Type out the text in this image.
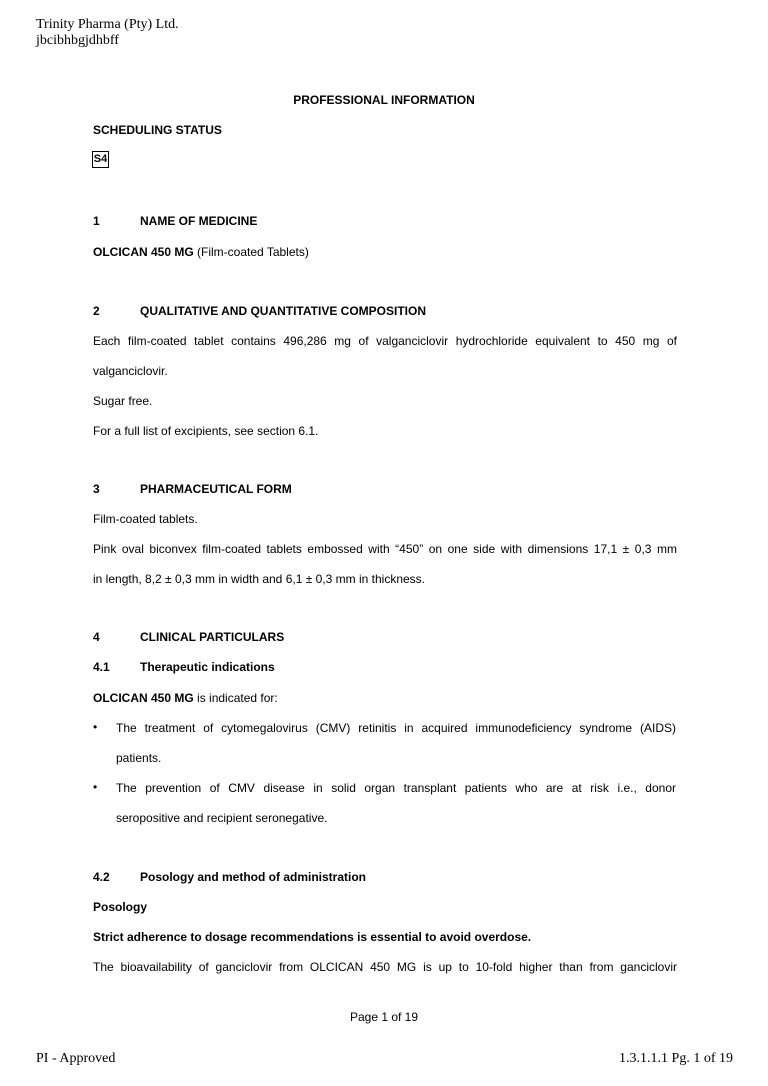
Trinity Pharma (Pty) Ltd.
jbcibhbgjdhbff
PROFESSIONAL INFORMATION
SCHEDULING STATUS
S4
1	NAME OF MEDICINE
OLCICAN 450 MG (Film-coated Tablets)
2	QUALITATIVE AND QUANTITATIVE COMPOSITION
Each film-coated tablet contains 496,286 mg of valganciclovir hydrochloride equivalent to 450 mg of
valganciclovir.
Sugar free.
For a full list of excipients, see section 6.1.
3	PHARMACEUTICAL FORM
Film-coated tablets.
Pink oval biconvex film-coated tablets embossed with “450” on one side with dimensions 17,1 ± 0,3 mm
in length, 8,2 ± 0,3 mm in width and 6,1 ± 0,3 mm in thickness.
4	CLINICAL PARTICULARS
4.1	Therapeutic indications
OLCICAN 450 MG is indicated for:
• The treatment of cytomegalovirus (CMV) retinitis in acquired immunodeficiency syndrome (AIDS)
patients.
• The prevention of CMV disease in solid organ transplant patients who are at risk i.e., donor
seropositive and recipient seronegative.
4.2	Posology and method of administration
Posology
Strict adherence to dosage recommendations is essential to avoid overdose.
The bioavailability of ganciclovir from OLCICAN 450 MG is up to 10-fold higher than from ganciclovir
Page 1 of 19
PI - Approved	1.3.1.1.1 Pg. 1 of 19
